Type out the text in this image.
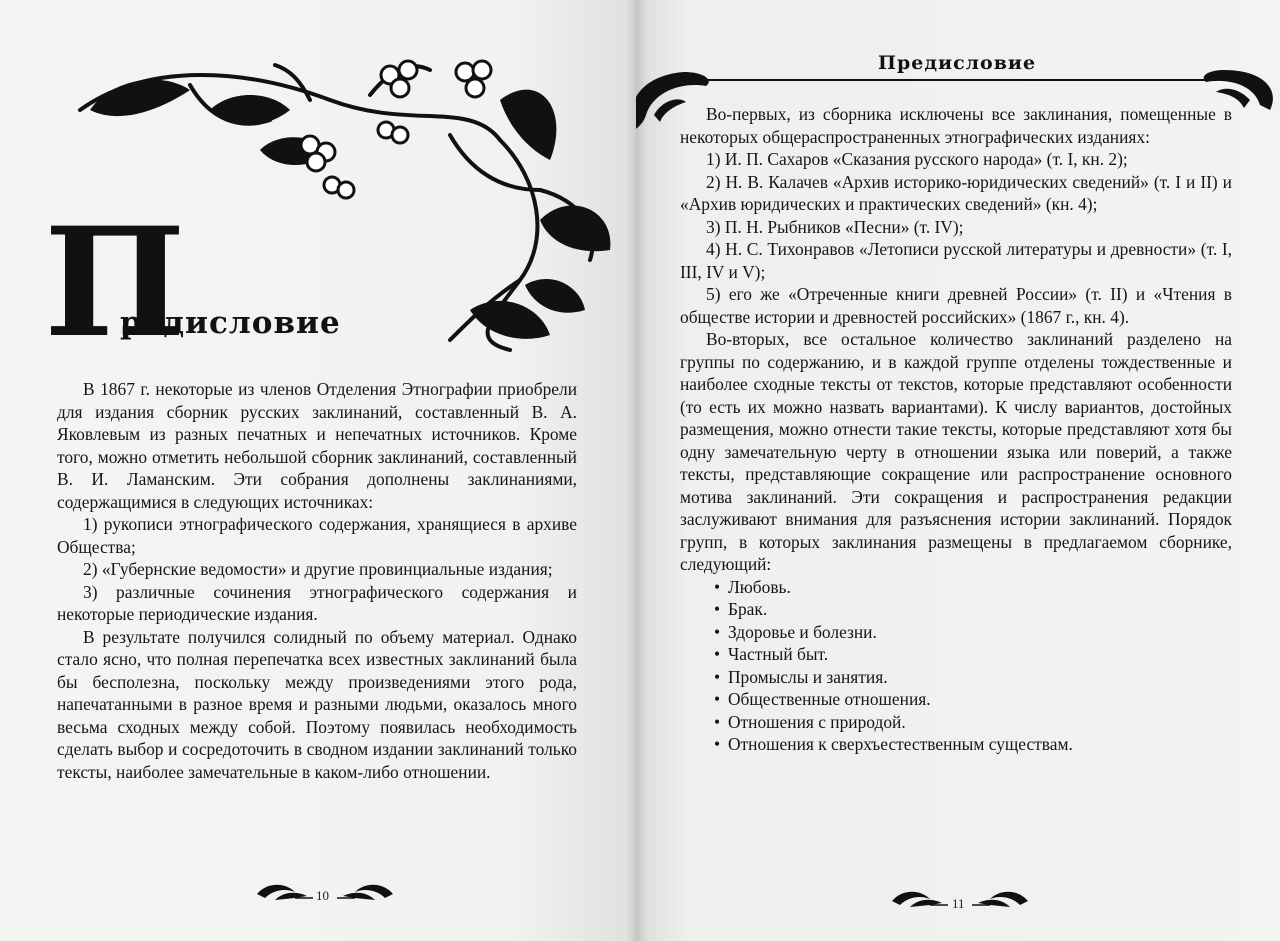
П
редисловие

В 1867 г. некоторые из членов Отделения Этнографии приобрели для издания сборник русских заклинаний, составленный В. А. Яковлевым из разных печатных и непечатных источников. Кроме того, можно отметить небольшой сборник заклинаний, составленный В. И. Ламанским. Эти собрания дополнены заклинаниями, содержащимися в следующих источниках:

1) рукописи этнографического содержания, хранящиеся в архиве Общества;

2) «Губернские ведомости» и другие провинциальные издания;

3) различные сочинения этнографического содержания и некоторые периодические издания.

В результате получился солидный по объему материал. Однако стало ясно, что полная перепечатка всех известных заклинаний была бы бесполезна, поскольку между произведениями этого рода, напечатанными в разное время и разными людьми, оказалось много весьма сходных между собой. Поэтому появилась необходимость сделать выбор и сосредоточить в сводном издании заклинаний только тексты, наиболее замечательные в каком-либо отношении.

10
Предисловие

Во-первых, из сборника исключены все заклинания, помещенные в некоторых общераспространенных этнографических изданиях:

1) И. П. Сахаров «Сказания русского народа» (т. I, кн. 2);

2) Н. В. Калачев «Архив историко-юридических сведений» (т. I и II) и «Архив юридических и практических сведений» (кн. 4);

3) П. Н. Рыбников «Песни» (т. IV);

4) Н. С. Тихонравов «Летописи русской литературы и древности» (т. I, III, IV и V);

5) его же «Отреченные книги древней России» (т. II) и «Чтения в обществе истории и древностей российских» (1867 г., кн. 4).

Во-вторых, все остальное количество заклинаний разделено на группы по содержанию, и в каждой группе отделены тождественные и наиболее сходные тексты от текстов, которые представляют особенности (то есть их можно назвать вариантами). К числу вариантов, достойных размещения, можно отнести такие тексты, которые представляют хотя бы одну замечательную черту в отношении языка или поверий, а также тексты, представляющие сокращение или распространение основного мотива заклинаний. Эти сокращения и распространения редакции заслуживают внимания для разъяснения истории заклинаний. Порядок групп, в которых заклинания размещены в предлагаемом сборнике, следующий:

• Любовь.
• Брак.
• Здоровье и болезни.
• Частный быт.
• Промыслы и занятия.
• Общественные отношения.
• Отношения с природой.
• Отношения к сверхъестественным существам.
11
